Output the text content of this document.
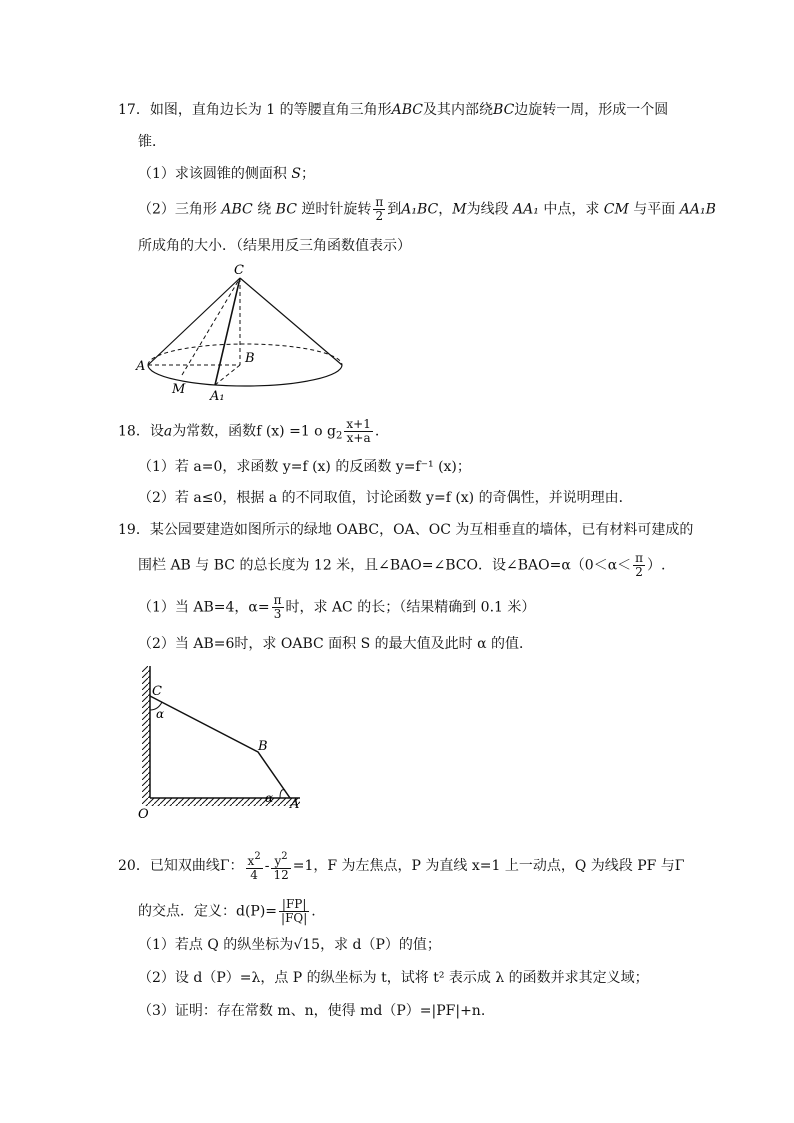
17．如图，直角边长为 1 的等腰直角三角形ABC及其内部绕BC边旋转一周，形成一个圆
锥．
（1）求该圆锥的侧面积 S；
（2）三角形 ABC 绕 BC 逆时针旋转 $\frac{\pi}{2}$ 到A₁BC，M为线段 AA₁ 中点，求 CM 与平面 AA₁B
所成角的大小．（结果用反三角函数值表示）
C
A
B
M A₁
18．设a为常数，函数f (x) =1 o $g_2 \frac{x+1}{x+a}$ .
（1）若 a=0，求函数 y=f (x) 的反函数 y=f⁻¹ (x)；
（2）若 a≤0，根据 a 的不同取值，讨论函数 y=f (x) 的奇偶性，并说明理由．
19．某公园要建造如图所示的绿地 OABC，OA、OC 为互相垂直的墙体，已有材料可建成的
围栏 AB 与 BC 的总长度为 12 米，且∠BAO=∠BCO．设∠BAO=α（0＜α＜ $\frac{\pi}{2}$ ）.
（1）当 AB=4，$\alpha= \frac{\pi}{3}$ 时，求 AC 的长；（结果精确到 0.1 米）
（2）当 AB=6时，求 OABC 面积 S 的最大值及此时 α 的值．
C
α
B
O
α A
20．已知双曲线Γ： $\frac{x^2}{4} - \frac{y^2}{12} =1$，F 为左焦点，P 为直线 x=1 上一动点，Q 为线段 PF 与Γ
的交点．定义：$d(P)= \frac{|FP|}{|FQ|}$ .
（1）若点 Q 的纵坐标为√15，求 d（P）的值；
（2）设 d（P）=λ，点 P 的纵坐标为 t，试将 t² 表示成 λ 的函数并求其定义域；
（3）证明：存在常数 m、n，使得 md（P）=|PF|+n.
